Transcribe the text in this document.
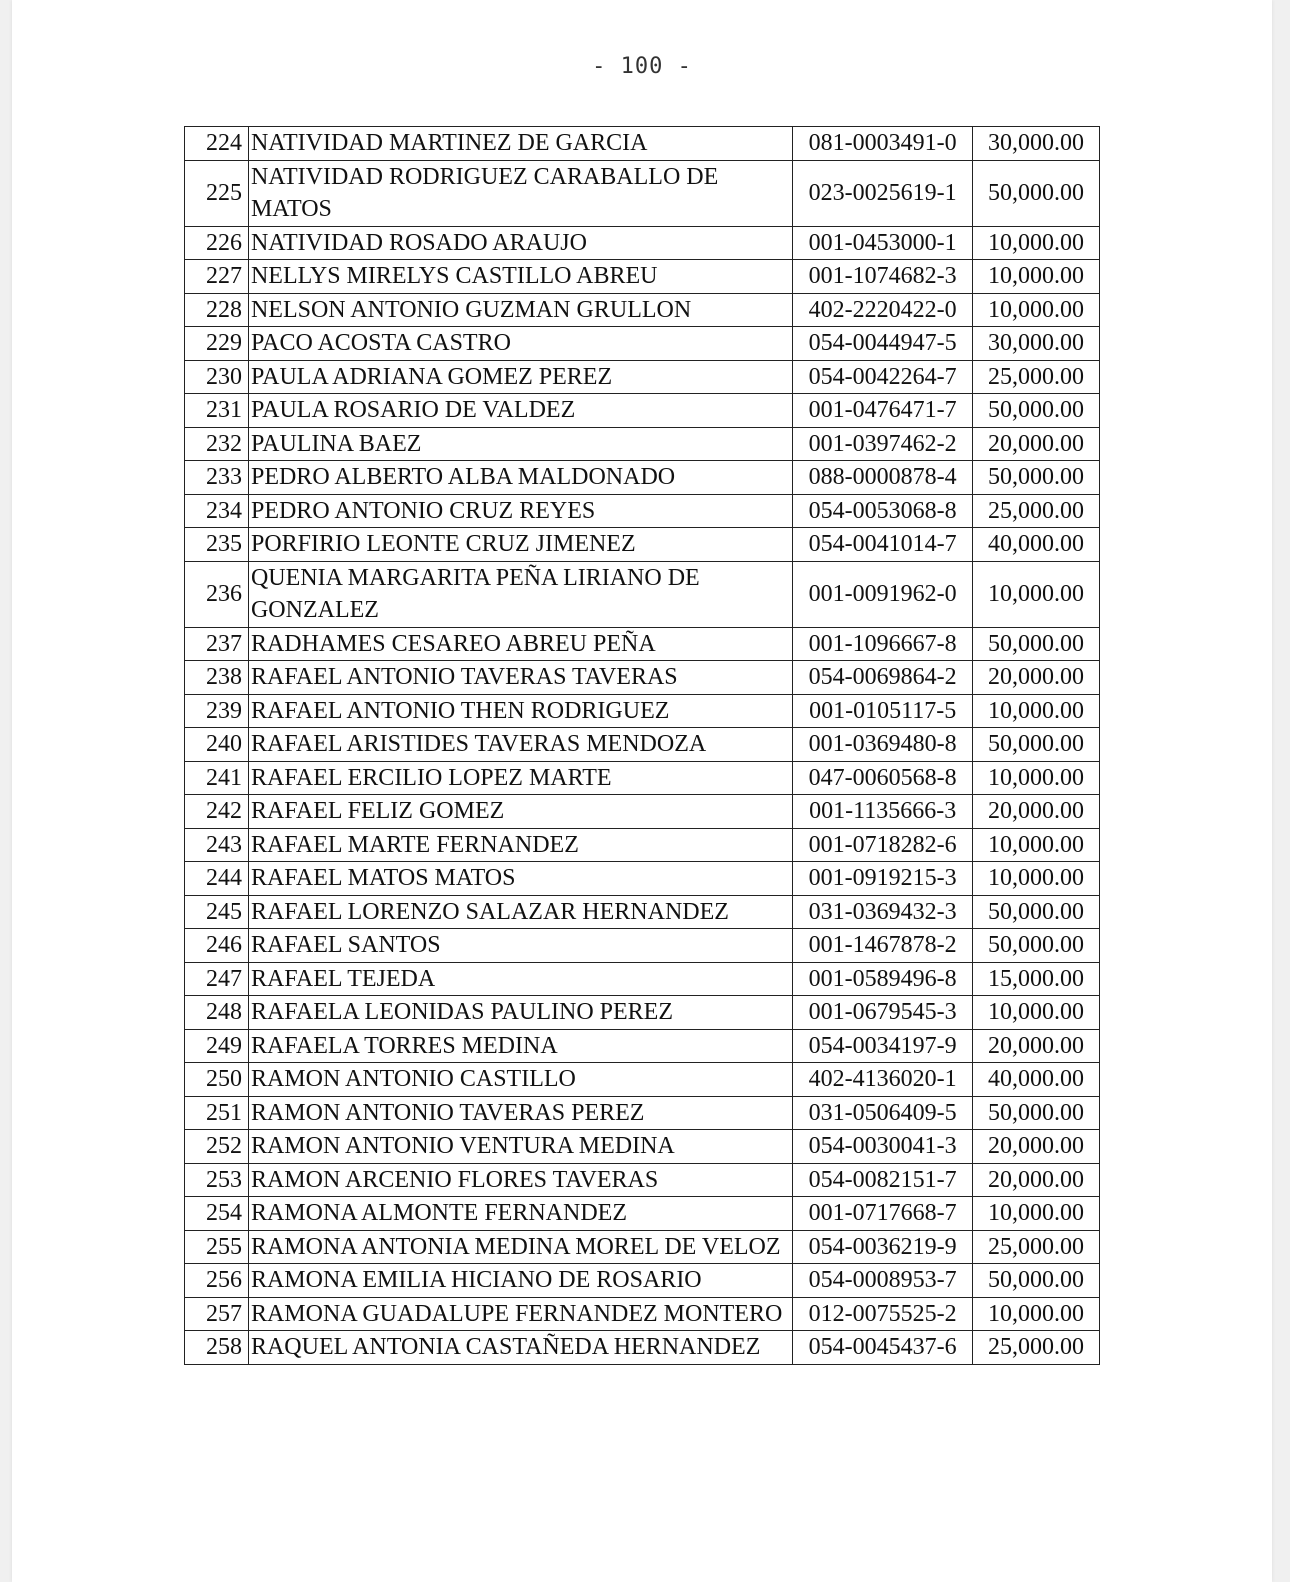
- 100 -
224	NATIVIDAD MARTINEZ DE GARCIA	081-0003491-0	30,000.00
225	NATIVIDAD RODRIGUEZ CARABALLO DE MATOS	023-0025619-1	50,000.00
226	NATIVIDAD ROSADO ARAUJO	001-0453000-1	10,000.00
227	NELLYS MIRELYS CASTILLO ABREU	001-1074682-3	10,000.00
228	NELSON ANTONIO GUZMAN GRULLON	402-2220422-0	10,000.00
229	PACO ACOSTA CASTRO	054-0044947-5	30,000.00
230	PAULA ADRIANA GOMEZ PEREZ	054-0042264-7	25,000.00
231	PAULA ROSARIO DE VALDEZ	001-0476471-7	50,000.00
232	PAULINA BAEZ	001-0397462-2	20,000.00
233	PEDRO ALBERTO ALBA MALDONADO	088-0000878-4	50,000.00
234	PEDRO ANTONIO CRUZ REYES	054-0053068-8	25,000.00
235	PORFIRIO LEONTE CRUZ JIMENEZ	054-0041014-7	40,000.00
236	QUENIA MARGARITA PEÑA LIRIANO DE GONZALEZ	001-0091962-0	10,000.00
237	RADHAMES CESAREO ABREU PEÑA	001-1096667-8	50,000.00
238	RAFAEL ANTONIO TAVERAS TAVERAS	054-0069864-2	20,000.00
239	RAFAEL ANTONIO THEN RODRIGUEZ	001-0105117-5	10,000.00
240	RAFAEL ARISTIDES TAVERAS MENDOZA	001-0369480-8	50,000.00
241	RAFAEL ERCILIO LOPEZ MARTE	047-0060568-8	10,000.00
242	RAFAEL FELIZ GOMEZ	001-1135666-3	20,000.00
243	RAFAEL MARTE FERNANDEZ	001-0718282-6	10,000.00
244	RAFAEL MATOS MATOS	001-0919215-3	10,000.00
245	RAFAEL LORENZO SALAZAR HERNANDEZ	031-0369432-3	50,000.00
246	RAFAEL SANTOS	001-1467878-2	50,000.00
247	RAFAEL TEJEDA	001-0589496-8	15,000.00
248	RAFAELA LEONIDAS PAULINO PEREZ	001-0679545-3	10,000.00
249	RAFAELA TORRES MEDINA	054-0034197-9	20,000.00
250	RAMON ANTONIO CASTILLO	402-4136020-1	40,000.00
251	RAMON ANTONIO TAVERAS PEREZ	031-0506409-5	50,000.00
252	RAMON ANTONIO VENTURA MEDINA	054-0030041-3	20,000.00
253	RAMON ARCENIO FLORES TAVERAS	054-0082151-7	20,000.00
254	RAMONA ALMONTE FERNANDEZ	001-0717668-7	10,000.00
255	RAMONA ANTONIA MEDINA MOREL DE VELOZ	054-0036219-9	25,000.00
256	RAMONA EMILIA HICIANO DE ROSARIO	054-0008953-7	50,000.00
257	RAMONA GUADALUPE FERNANDEZ MONTERO	012-0075525-2	10,000.00
258	RAQUEL ANTONIA CASTAÑEDA HERNANDEZ	054-0045437-6	25,000.00
